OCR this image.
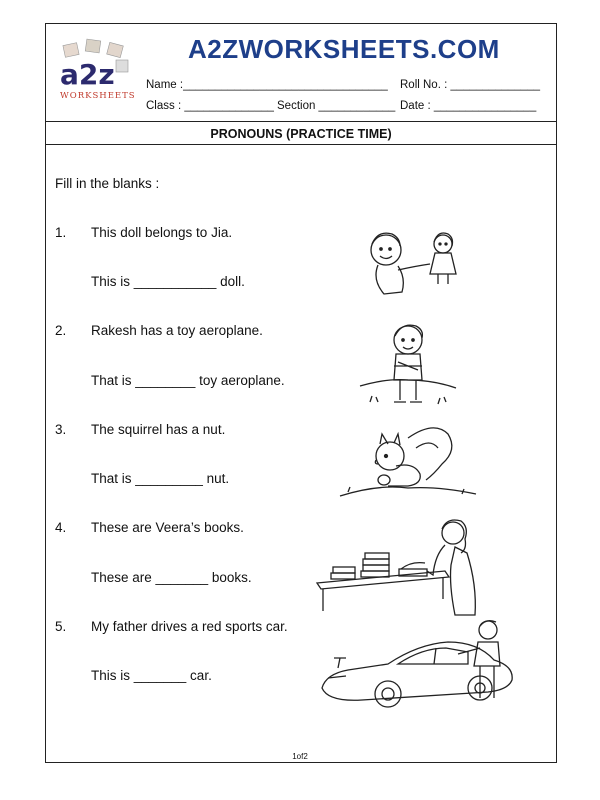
a2z
WORKSHEETS
A2ZWORKSHEETS.COM
Name :________________________________ Roll No. : ______________
Class : ______________ Section ____________ Date : ________________
PRONOUNS (PRACTICE TIME)
Fill in the blanks :
1. This doll belongs to Jia.
This is ___________ doll.
2. Rakesh has a toy aeroplane.
That is ________ toy aeroplane.
3. The squirrel has a nut.
That is _________ nut.
4. These are Veera’s books.
These are _______ books.
5. My father drives a red sports car.
This is _______ car.
1of2
